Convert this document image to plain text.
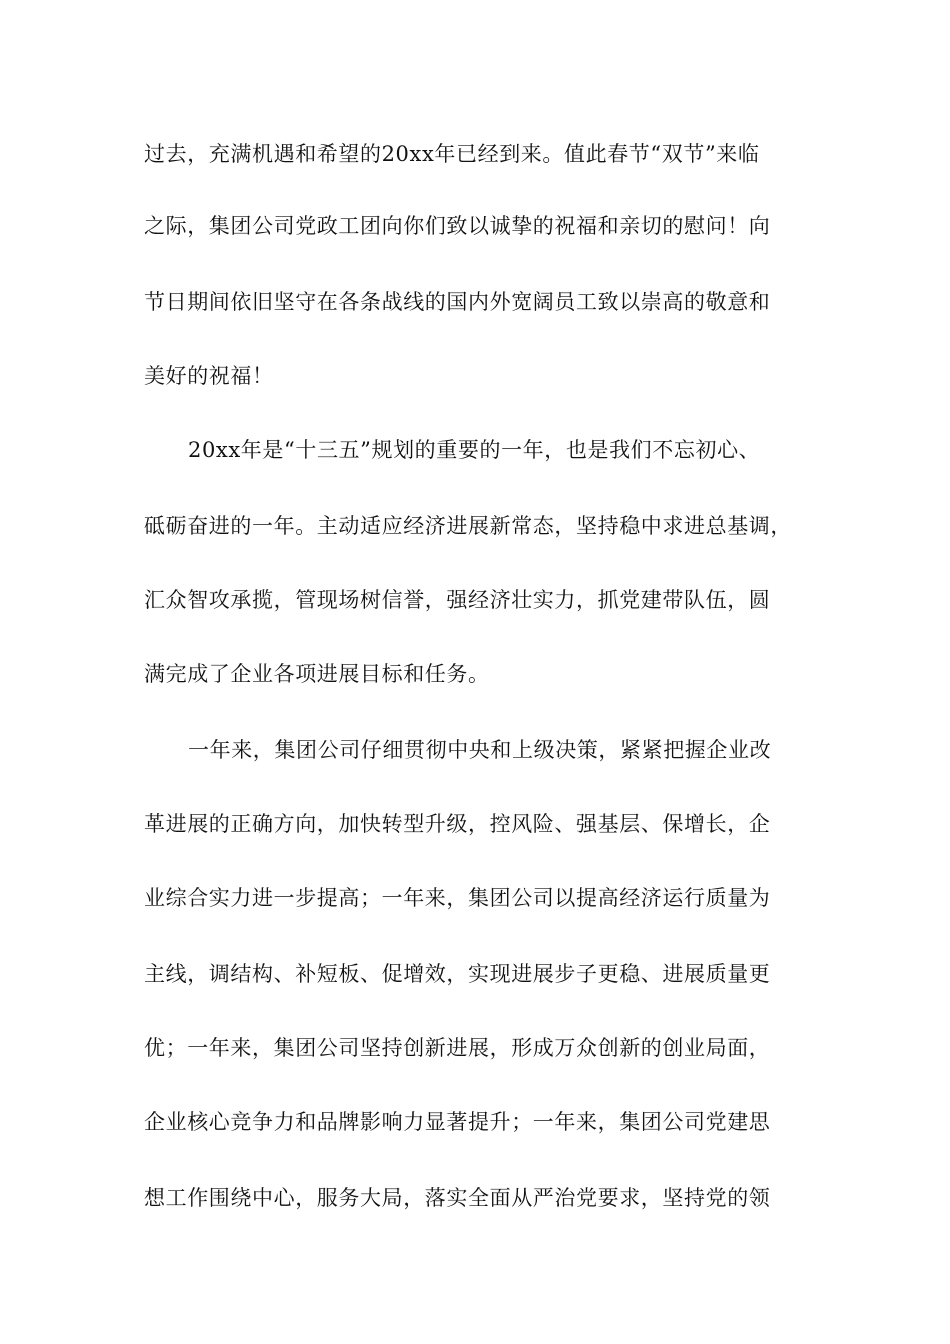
过去，充满机遇和希望的20xx年已经到来。值此春节“双节”来临

之际，集团公司党政工团向你们致以诚挚的祝福和亲切的慰问！向

节日期间依旧坚守在各条战线的国内外宽阔员工致以崇高的敬意和

美好的祝福！

20xx年是“十三五”规划的重要的一年，也是我们不忘初心、

砥砺奋进的一年。主动适应经济进展新常态，坚持稳中求进总基调，

汇众智攻承揽，管现场树信誉，强经济壮实力，抓党建带队伍，圆

满完成了企业各项进展目标和任务。

一年来，集团公司仔细贯彻中央和上级决策，紧紧把握企业改

革进展的正确方向，加快转型升级，控风险、强基层、保增长，企

业综合实力进一步提高；一年来，集团公司以提高经济运行质量为

主线，调结构、补短板、促增效，实现进展步子更稳、进展质量更

优；一年来，集团公司坚持创新进展，形成万众创新的创业局面，

企业核心竞争力和品牌影响力显著提升；一年来，集团公司党建思

想工作围绕中心，服务大局，落实全面从严治党要求，坚持党的领
